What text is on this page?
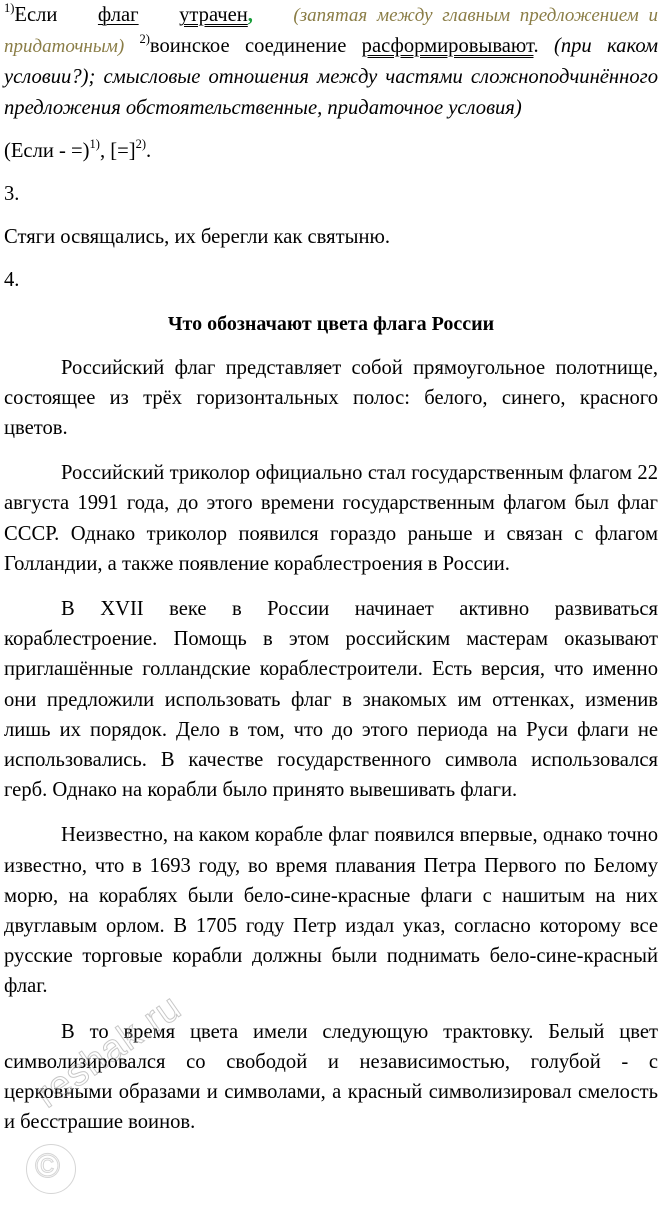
$^{1)}$Если флаг утрачен, (запятая между главным предложением и придаточным) $^{2)}$воинское соединение расформировывают. (при каком условии?); смысловые отношения между частями сложноподчинённого предложения обстоятельственные, придаточное условия)

(Если - =)$^{1)}$, [=]$^{2)}$.

3.

Стяги освящались, их берегли как святыню.

4.

Что обозначают цвета флага России

Российский флаг представляет собой прямоугольное полотнище, состоящее из трёх горизонтальных полос: белого, синего, красного цветов.

Российский триколор официально стал государственным флагом 22 августа 1991 года, до этого времени государственным флагом был флаг СССР. Однако триколор появился гораздо раньше и связан с флагом Голландии, а также появление кораблестроения в России.

В XVII веке в России начинает активно развиваться кораблестроение. Помощь в этом российским мастерам оказывают приглашённые голландские кораблестроители. Есть версия, что именно они предложили использовать флаг в знакомых им оттенках, изменив лишь их порядок. Дело в том, что до этого периода на Руси флаги не использовались. В качестве государственного символа использовался герб. Однако на корабли было принято вывешивать флаги.

Неизвестно, на каком корабле флаг появился впервые, однако точно известно, что в 1693 году, во время плавания Петра Первого по Белому морю, на кораблях были бело-сине-красные флаги с нашитым на них двуглавым орлом. В 1705 году Петр издал указ, согласно которому все русские торговые корабли должны были поднимать бело-сине-красный флаг.

В то время цвета имели следующую трактовку. Белый цвет символизировался со свободой и независимостью, голубой - с церковными образами и символами, а красный символизировал смелость и бесстрашие воинов.

reshak.ru
©
